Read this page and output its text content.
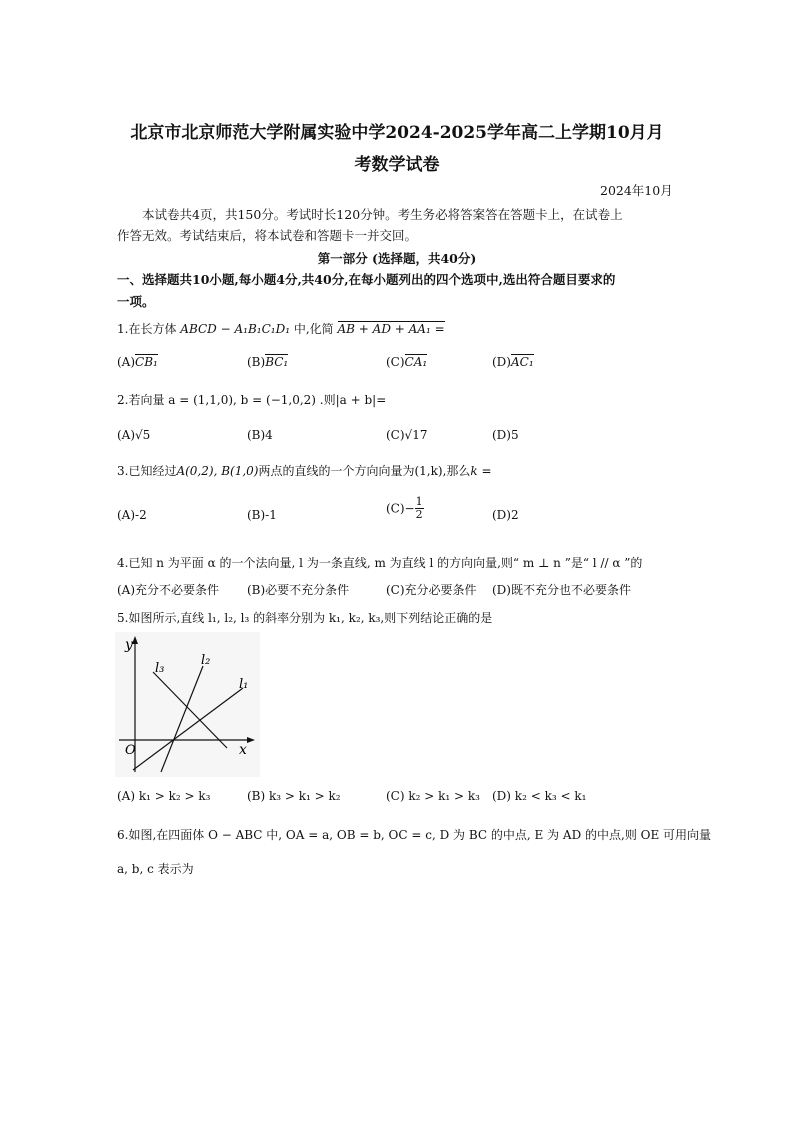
北京市北京师范大学附属实验中学2024-2025学年高二上学期10月月
考数学试卷
2024年10月
本试卷共4页，共150分。考试时长120分钟。考生务必将答案答在答题卡上，在试卷上
作答无效。考试结束后，将本试卷和答题卡一并交回。
第一部分 (选择题，共40分)
一、选择题共10小题,每小题4分,共40分,在每小题列出的四个选项中,选出符合题目要求的
一项。
1.在长方体 ABCD − A₁B₁C₁D₁ 中,化简 AB + AD + AA₁ =
(A)CB₁	(B)BC₁	(C)CA₁	(D)AC₁
2.若向量 a = (1,1,0), b = (−1,0,2) .则|a + b|=
(A)√5	(B)4	(C)√17	(D)5
3.已知经过A(0,2), B(1,0)两点的直线的一个方向向量为(1,k),那么k =
(A)-2	(B)-1	$(C)- \frac{1}{2}$	(D)2
4.已知 n 为平面 α 的一个法向量, l 为一条直线, m 为直线 l 的方向向量,则“ m ⊥ n ”是“ l // α ”的
(A)充分不必要条件 (B)必要不充分条件	(C)充分必要条件 (D)既不充分也不必要条件
5.如图所示,直线 l₁, l₂, l₃ 的斜率分别为 k₁, k₂, k₃,则下列结论正确的是
y
x
O
l₁
l₂
l₃
(A) k₁ > k₂ > k₃	(B) k₃ > k₁ > k₂	(C) k₂ > k₁ > k₃ (D) k₂ < k₃ < k₁
6.如图,在四面体 O − ABC 中, OA = a, OB = b, OC = c, D 为 BC 的中点, E 为 AD 的中点,则 OE 可用向量
a, b, c 表示为
